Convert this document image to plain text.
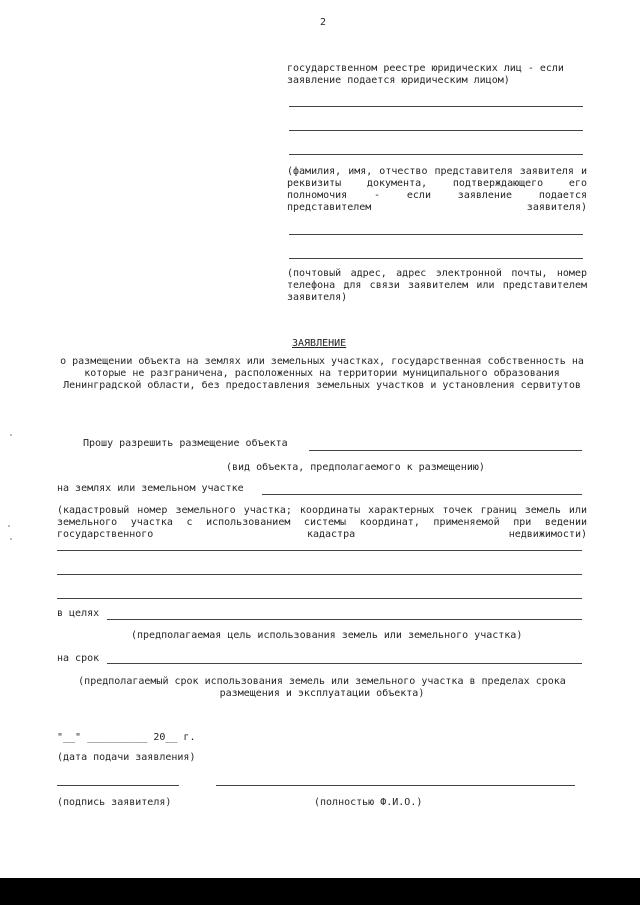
2
государственном реестре юридических лиц - если
заявление подается юридическим лицом)
(фамилия, имя, отчество представителя заявителя и реквизиты документа, подтверждающего его полномочия - если заявление подается представителем заявителя)
(почтовый адрес, адрес электронной почты, номер телефона для связи заявителем или представителем заявителя)
ЗАЯВЛЕНИЕ
о размещении объекта на землях или земельных участках, государственная собственность на которые не разграничена, расположенных на территории муниципального образования Ленинградской области, без предоставления земельных участков и установления сервитутов
Прошу разрешить размещение объекта
(вид объекта, предполагаемого к размещению)
на землях или земельном участке
(кадастровый номер земельного участка; координаты характерных точек границ земель или земельного участка с использованием системы координат, применяемой при ведении государственного кадастра недвижимости)
в целях
(предполагаемая цель использования земель или земельного участка)
на срок
(предполагаемый срок использования земель или земельного участка в пределах срока размещения и эксплуатации объекта)
"__" __________ 20__ г.
(дата подачи заявления)
(подпись заявителя)	(полностью Ф.И.О.)
